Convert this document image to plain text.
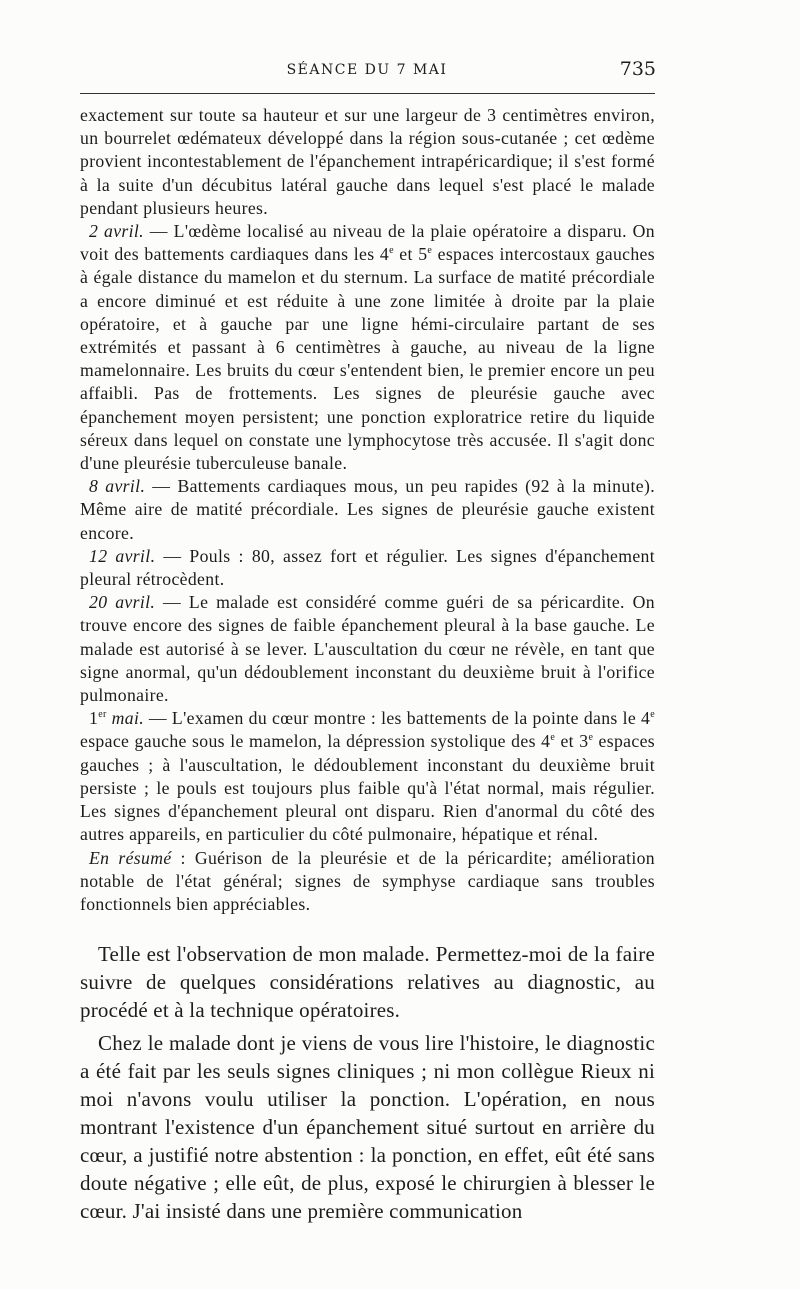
SÉANCE DU 7 MAI	735

exactement sur toute sa hauteur et sur une largeur de 3 centimètres environ, un bourrelet œdémateux développé dans la région sous-cutanée ; cet œdème provient incontestablement de l'épanchement intrapéricardique; il s'est formé à la suite d'un décubitus latéral gauche dans lequel s'est placé le malade pendant plusieurs heures.

2 avril. — L'œdème localisé au niveau de la plaie opératoire a disparu. On voit des battements cardiaques dans les 4e et 5e espaces intercostaux gauches à égale distance du mamelon et du sternum. La surface de matité précordiale a encore diminué et est réduite à une zone limitée à droite par la plaie opératoire, et à gauche par une ligne hémi-circulaire partant de ses extrémités et passant à 6 centimètres à gauche, au niveau de la ligne mamelonnaire. Les bruits du cœur s'entendent bien, le premier encore un peu affaibli. Pas de frottements. Les signes de pleurésie gauche avec épanchement moyen persistent; une ponction exploratrice retire du liquide séreux dans lequel on constate une lymphocytose très accusée. Il s'agit donc d'une pleurésie tuberculeuse banale.

8 avril. — Battements cardiaques mous, un peu rapides (92 à la minute). Même aire de matité précordiale. Les signes de pleurésie gauche existent encore.

12 avril. — Pouls : 80, assez fort et régulier. Les signes d'épanchement pleural rétrocèdent.

20 avril. — Le malade est considéré comme guéri de sa péricardite. On trouve encore des signes de faible épanchement pleural à la base gauche. Le malade est autorisé à se lever. L'auscultation du cœur ne révèle, en tant que signe anormal, qu'un dédoublement inconstant du deuxième bruit à l'orifice pulmonaire.

1er mai. — L'examen du cœur montre : les battements de la pointe dans le 4e espace gauche sous le mamelon, la dépression systolique des 4e et 3e espaces gauches ; à l'auscultation, le dédoublement inconstant du deuxième bruit persiste ; le pouls est toujours plus faible qu'à l'état normal, mais régulier. Les signes d'épanchement pleural ont disparu. Rien d'anormal du côté des autres appareils, en particulier du côté pulmonaire, hépatique et rénal.

En résumé : Guérison de la pleurésie et de la péricardite; amélioration notable de l'état général; signes de symphyse cardiaque sans troubles fonctionnels bien appréciables.

Telle est l'observation de mon malade. Permettez-moi de la faire suivre de quelques considérations relatives au diagnostic, au procédé et à la technique opératoires.

Chez le malade dont je viens de vous lire l'histoire, le diagnostic a été fait par les seuls signes cliniques ; ni mon collègue Rieux ni moi n'avons voulu utiliser la ponction. L'opération, en nous montrant l'existence d'un épanchement situé surtout en arrière du cœur, a justifié notre abstention : la ponction, en effet, eût été sans doute négative ; elle eût, de plus, exposé le chirurgien à blesser le cœur. J'ai insisté dans une première communication
